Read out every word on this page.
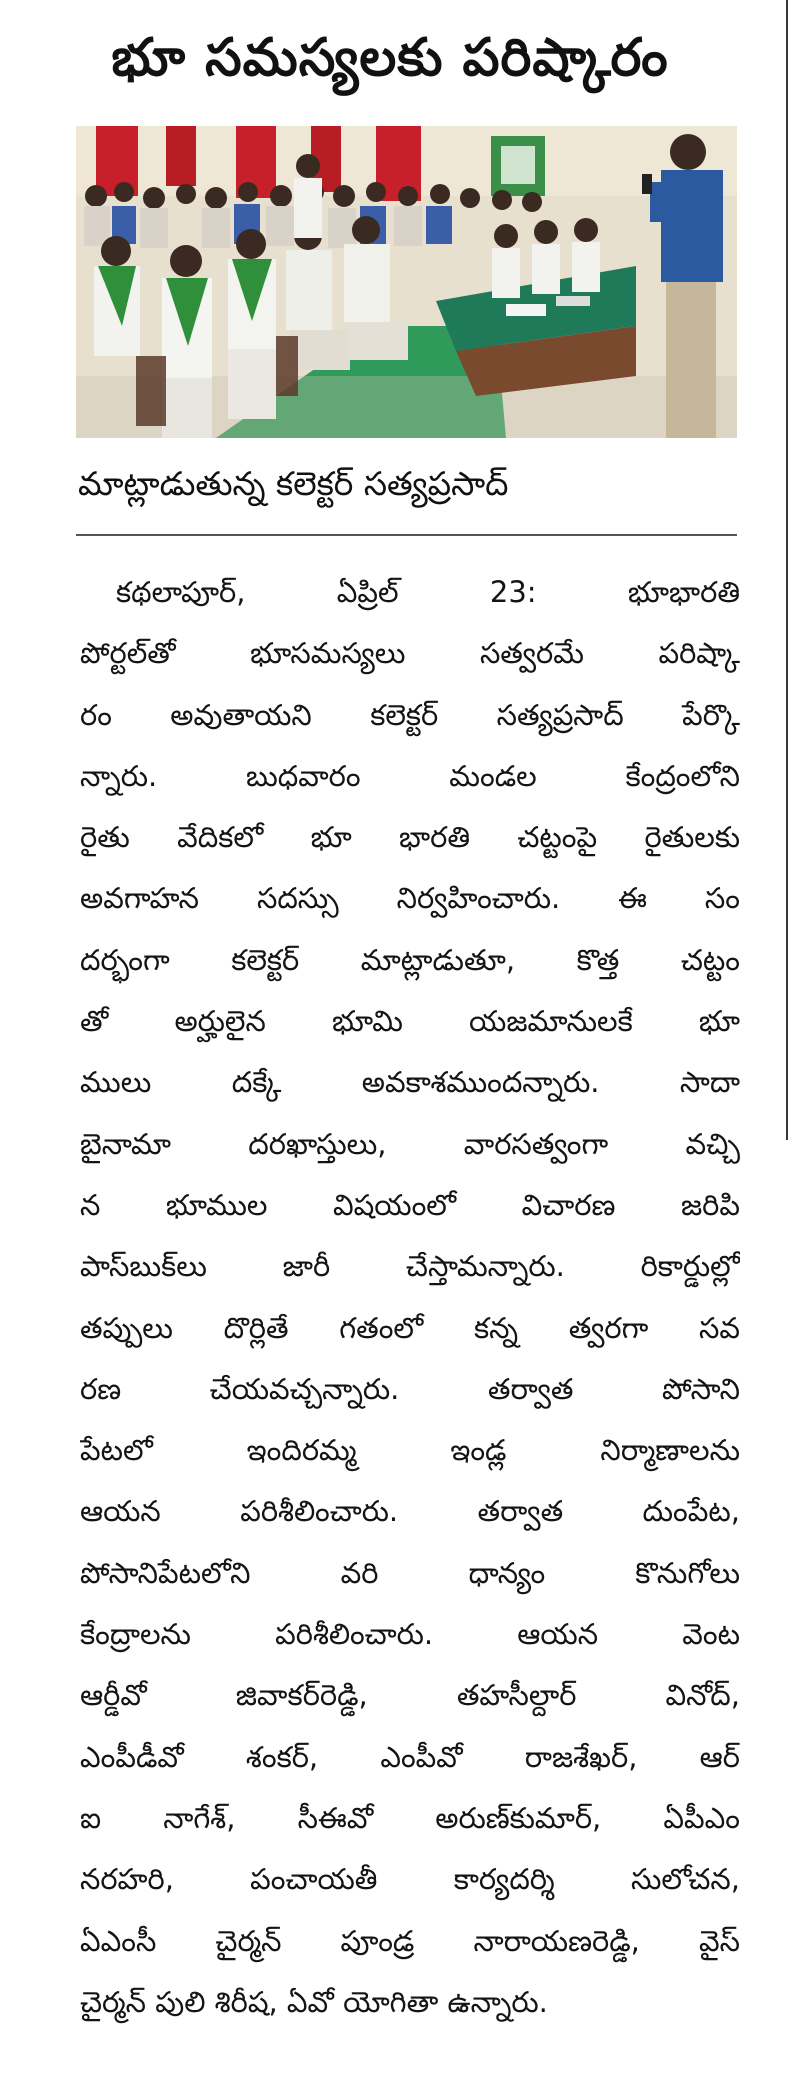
భూ సమస్యలకు పరిష్కారం

మాట్లాడుతున్న కలెక్టర్ సత్యప్రసాద్

కథలాపూర్, ఏప్రిల్ 23: భూభారతి
పోర్టల్‌తో భూసమస్యలు సత్వరమే పరిష్కా
రం అవుతాయని కలెక్టర్ సత్యప్రసాద్ పేర్కొ
న్నారు. బుధవారం మండల కేంద్రంలోని
రైతు వేదికలో భూ భారతి చట్టంపై రైతులకు
అవగాహన సదస్సు నిర్వహించారు. ఈ సం
దర్భంగా కలెక్టర్ మాట్లాడుతూ, కొత్త చట్టం
తో అర్హులైన భూమి యజమానులకే భూ
ములు దక్కే అవకాశముందన్నారు. సాదా
బైనామా దరఖాస్తులు, వారసత్వంగా వచ్చి
న భూముల విషయంలో విచారణ జరిపి
పాస్‌బుక్‌లు జారీ చేస్తామన్నారు. రికార్డుల్లో
తప్పులు దొర్లితే గతంలో కన్న త్వరగా సవ
రణ చేయవచ్చన్నారు. తర్వాత పోసాని
పేటలో ఇందిరమ్మ ఇండ్ల నిర్మాణాలను
ఆయన పరిశీలించారు. తర్వాత దుంపేట,
పోసానిపేటలోని వరి ధాన్యం కొనుగోలు
కేంద్రాలను పరిశీలించారు. ఆయన వెంట
ఆర్డీవో జివాకర్‌రెడ్డి, తహసీల్దార్ వినోద్,
ఎంపీడీవో శంకర్, ఎంపీవో రాజశేఖర్, ఆర్
ఐ నాగేశ్, సీఈవో అరుణ్‌కుమార్, ఏపీఎం
నరహరి, పంచాయతీ కార్యదర్శి సులోచన,
ఏఎంసీ చైర్మన్ పూండ్ర నారాయణరెడ్డి, వైస్
చైర్మన్ పులి శిరీష, ఏవో యోగితా ఉన్నారు.
